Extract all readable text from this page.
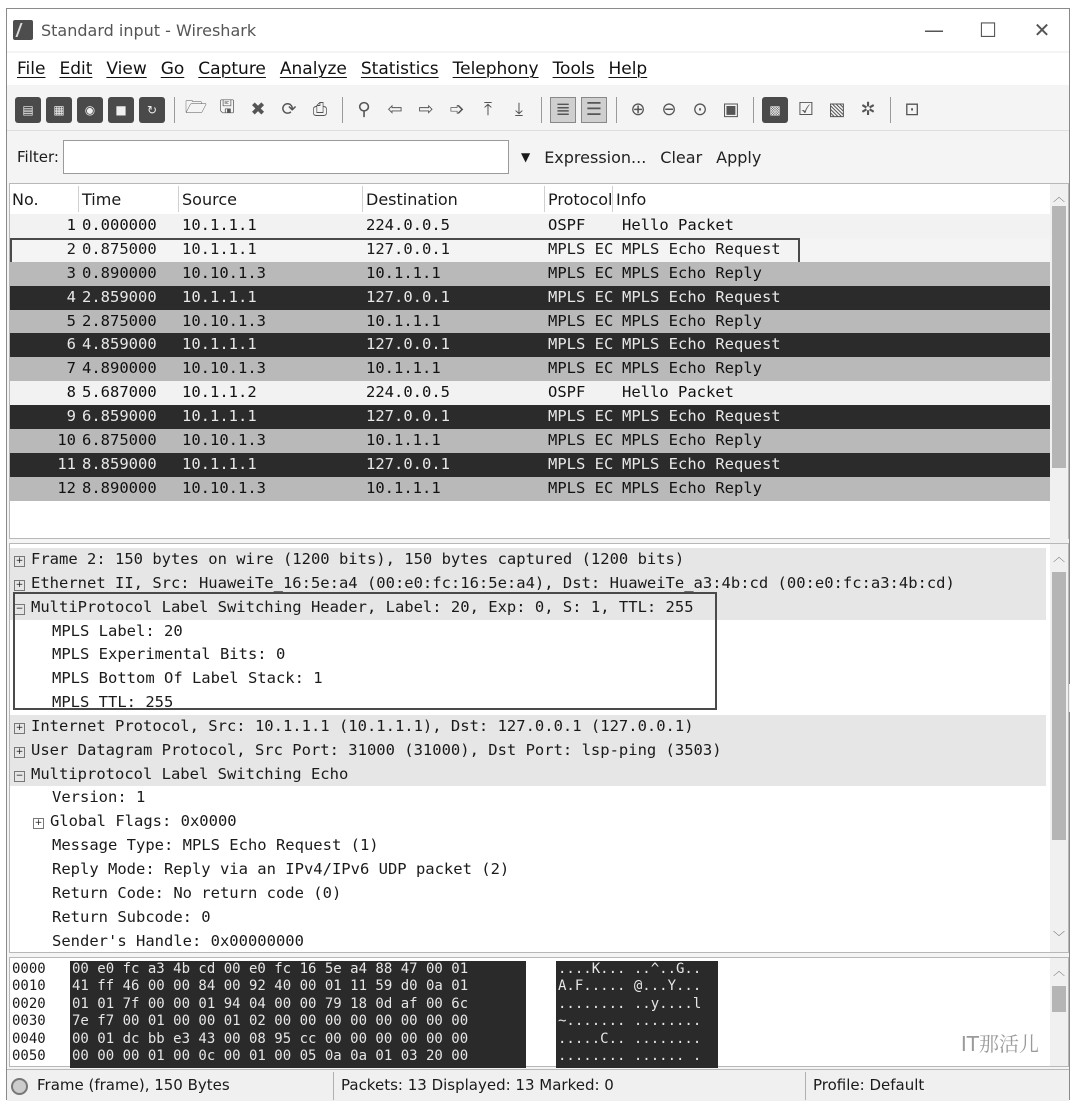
Standard input - Wireshark	—	☐	✕
File Edit View Go Capture Analyze Statistics Telephony Tools Help
▤	▦	◉	■	↻	🗁 🖫 ✖ ⟳ ⎙	⚲ ⇦ ⇨ ➩	⤒	⤓	≣ ☰	⊕ ⊖ ⊙ ▣	▩ ☑ ▧ ✲	⊡
Filter:	▼ Expression... Clear Apply
No.	Time	Source	Destination	Protocol Info
1 0.000000 10.1.1.1	224.0.0.5	OSPF Hello Packet
2 0.875000 10.1.1.1	127.0.0.1	MPLS EC MPLS Echo Request
3 0.890000 10.10.1.3	10.1.1.1	MPLS EC MPLS Echo Reply
4 2.859000 10.1.1.1	127.0.0.1	MPLS EC MPLS Echo Request
5 2.875000 10.10.1.3	10.1.1.1	MPLS EC MPLS Echo Reply
6 4.859000 10.1.1.1	127.0.0.1	MPLS EC MPLS Echo Request
7 4.890000 10.10.1.3	10.1.1.1	MPLS EC MPLS Echo Reply
8 5.687000 10.1.1.2	224.0.0.5	OSPF Hello Packet
9 6.859000 10.1.1.1	127.0.0.1	MPLS EC MPLS Echo Request
10 6.875000 10.10.1.3	10.1.1.1	MPLS EC MPLS Echo Reply
11 8.859000 10.1.1.1	127.0.0.1	MPLS EC MPLS Echo Request
12 8.890000 10.10.1.3	10.1.1.1	MPLS EC MPLS Echo Reply
︿
+ Frame 2: 150 bytes on wire (1200 bits), 150 bytes captured (1200 bits)
+ Ethernet II, Src: HuaweiTe_16:5e:a4 (00:e0:fc:16:5e:a4), Dst: HuaweiTe_a3:4b:cd (00:e0:fc:a3:4b:cd)
− MultiProtocol Label Switching Header, Label: 20, Exp: 0, S: 1, TTL: 255
MPLS Label: 20
MPLS Experimental Bits: 0
MPLS Bottom Of Label Stack: 1
MPLS TTL: 255
+ Internet Protocol, Src: 10.1.1.1 (10.1.1.1), Dst: 127.0.0.1 (127.0.0.1)
+ User Datagram Protocol, Src Port: 31000 (31000), Dst Port: lsp-ping (3503)
− Multiprotocol Label Switching Echo
Version: 1
+ Global Flags: 0x0000
Message Type: MPLS Echo Request (1)
Reply Mode: Reply via an IPv4/IPv6 UDP packet (2)
Return Code: No return code (0)
Return Subcode: 0
Sender's Handle: 0x00000000
︿
﹀
0000 00 e0 fc a3 4b cd 00 e0 fc 16 5e a4 88 47 00 01	....K... ..^..G..
0010 41 ff 46 00 00 84 00 92 40 00 01 11 59 d0 0a 01	A.F..... @...Y...
0020 01 01 7f 00 00 01 94 04 00 00 79 18 0d af 00 6c	........ ..y....l
0030 7e f7 00 01 00 00 01 02 00 00 00 00 00 00 00 00	~....... ........
0040 00 01 dc bb e3 43 00 08 95 cc 00 00 00 00 00 00	.....C.. ........
0050 00 00 00 01 00 0c 00 01 00 05 0a 0a 01 03 20 00	........ ...... .
︿
IT那活儿
Frame (frame), 150 Bytes	Packets: 13 Displayed: 13 Marked: 0	Profile: Default
